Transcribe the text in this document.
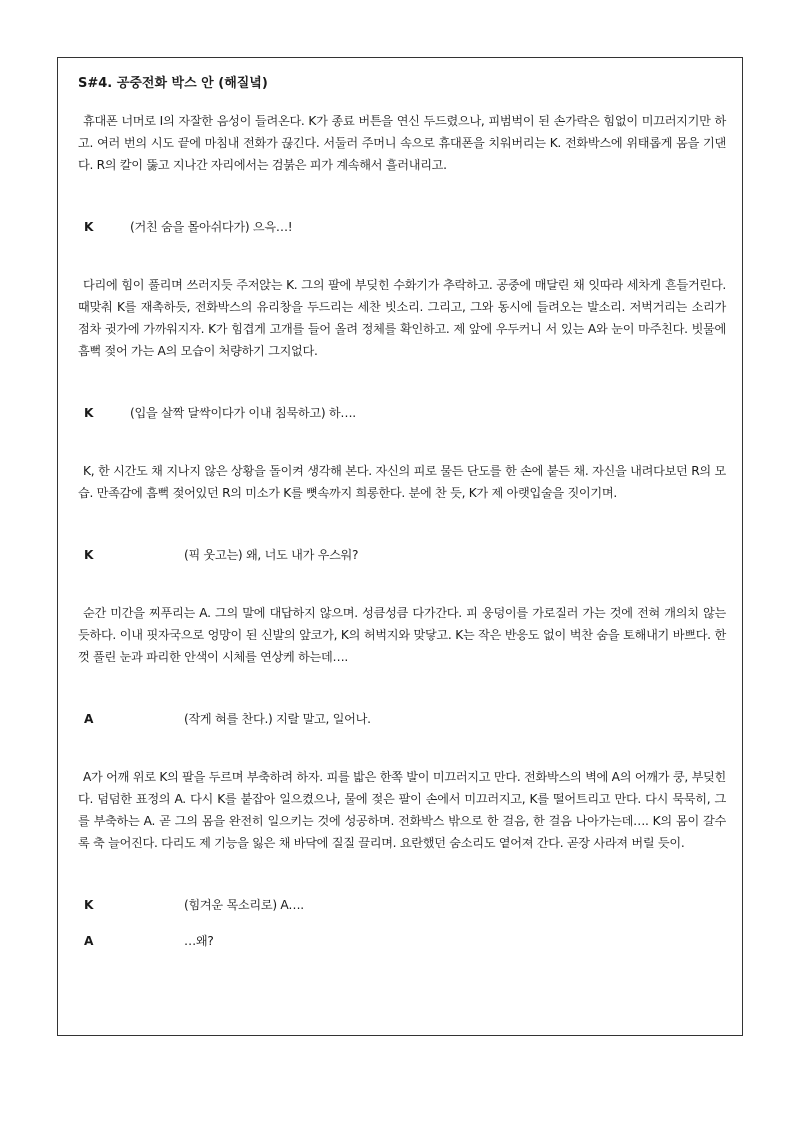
S#4. 공중전화 박스 안 (해질녘)

휴대폰 너머로 I의 자잘한 음성이 들려온다. K가 종료 버튼을 연신 두드렸으나, 피범벅이 된 손가락은 힘없이 미끄러지기만 하고. 여러 번의 시도 끝에 마침내 전화가 끊긴다. 서둘러 주머니 속으로 휴대폰을 치워버리는 K. 전화박스에 위태롭게 몸을 기댄다. R의 칼이 뚫고 지나간 자리에서는 검붉은 피가 계속해서 흘러내리고.

K	(거친 숨을 몰아쉬다가) 으윽…!

다리에 힘이 풀리며 쓰러지듯 주저앉는 K. 그의 팔에 부딪힌 수화기가 추락하고. 공중에 매달린 채 잇따라 세차게 흔들거린다. 때맞춰 K를 재촉하듯, 전화박스의 유리창을 두드리는 세찬 빗소리. 그리고, 그와 동시에 들려오는 발소리. 저벅거리는 소리가 점차 귓가에 가까워지자. K가 힘겹게 고개를 들어 올려 정체를 확인하고. 제 앞에 우두커니 서 있는 A와 눈이 마주친다. 빗물에 흠뻑 젖어 가는 A의 모습이 처량하기 그지없다.

K	(입을 살짝 달싹이다가 이내 침묵하고) 하….

K, 한 시간도 채 지나지 않은 상황을 돌이켜 생각해 본다. 자신의 피로 물든 단도를 한 손에 붙든 채. 자신을 내려다보던 R의 모습. 만족감에 흠뻑 젖어있던 R의 미소가 K를 뼛속까지 희롱한다. 분에 찬 듯, K가 제 아랫입술을 짓이기며.

K	(픽 웃고는) 왜, 너도 내가 우스워?

순간 미간을 찌푸리는 A. 그의 말에 대답하지 않으며. 성큼성큼 다가간다. 피 웅덩이를 가로질러 가는 것에 전혀 개의치 않는 듯하다. 이내 핏자국으로 엉망이 된 신발의 앞코가, K의 허벅지와 맞닿고. K는 작은 반응도 없이 벅찬 숨을 토해내기 바쁘다. 한껏 풀린 눈과 파리한 안색이 시체를 연상케 하는데….

A	(작게 혀를 찬다.) 지랄 말고, 일어나.

A가 어깨 위로 K의 팔을 두르며 부축하려 하자. 피를 밟은 한쪽 발이 미끄러지고 만다. 전화박스의 벽에 A의 어깨가 쿵, 부딪힌다. 덤덤한 표정의 A. 다시 K를 붙잡아 일으켰으나, 물에 젖은 팔이 손에서 미끄러지고, K를 떨어트리고 만다. 다시 묵묵히, 그를 부축하는 A. 곧 그의 몸을 완전히 일으키는 것에 성공하며. 전화박스 밖으로 한 걸음, 한 걸음 나아가는데…. K의 몸이 갈수록 축 늘어진다. 다리도 제 기능을 잃은 채 바닥에 질질 끌리며. 요란했던 숨소리도 옅어져 간다. 곧장 사라져 버릴 듯이.

K	(힘겨운 목소리로) A….
A	…왜?
